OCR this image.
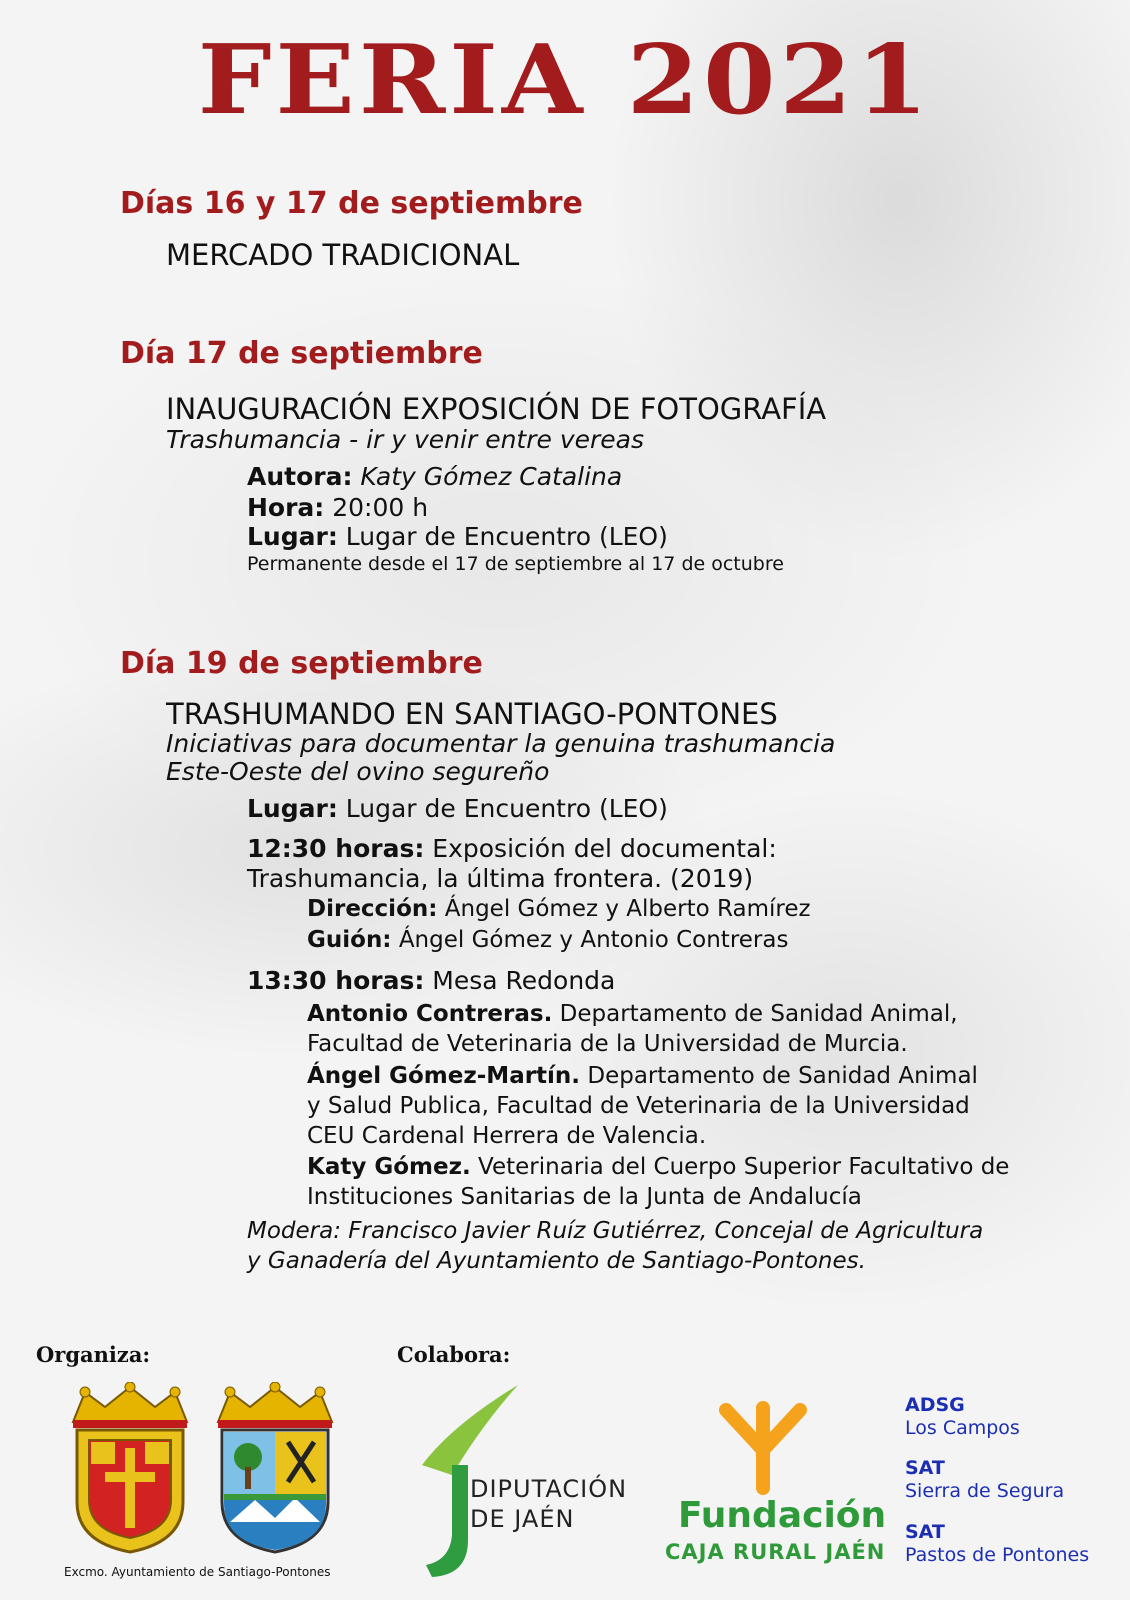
FERIA 2021
Días 16 y 17 de septiembre
MERCADO TRADICIONAL
Día 17 de septiembre
INAUGURACIÓN EXPOSICIÓN DE FOTOGRAFÍA
Trashumancia - ir y venir entre vereas
Autora: Katy Gómez Catalina
Hora: 20:00 h
Lugar: Lugar de Encuentro (LEO)
Permanente desde el 17 de septiembre al 17 de octubre
Día 19 de septiembre
TRASHUMANDO EN SANTIAGO-PONTONES
Iniciativas para documentar la genuina trashumancia
Este-Oeste del ovino segureño
Lugar: Lugar de Encuentro (LEO)
12:30 horas: Exposición del documental:
Trashumancia, la última frontera. (2019)
Dirección: Ángel Gómez y Alberto Ramírez
Guión: Ángel Gómez y Antonio Contreras
13:30 horas: Mesa Redonda
Antonio Contreras. Departamento de Sanidad Animal,
Facultad de Veterinaria de la Universidad de Murcia.
Ángel Gómez-Martín. Departamento de Sanidad Animal
y Salud Publica, Facultad de Veterinaria de la Universidad
CEU Cardenal Herrera de Valencia.
Katy Gómez. Veterinaria del Cuerpo Superior Facultativo de
Instituciones Sanitarias de la Junta de Andalucía
Modera: Francisco Javier Ruíz Gutiérrez, Concejal de Agricultura
y Ganadería del Ayuntamiento de Santiago-Pontones.
Organiza:	Colabora:
Excmo. Ayuntamiento de Santiago-Pontones
DIPUTACIÓN
DE JAÉN	Fundación
CAJA RURAL JAÉN
ADSG
Los Campos
SAT
Sierra de Segura
SAT
Pastos de Pontones
